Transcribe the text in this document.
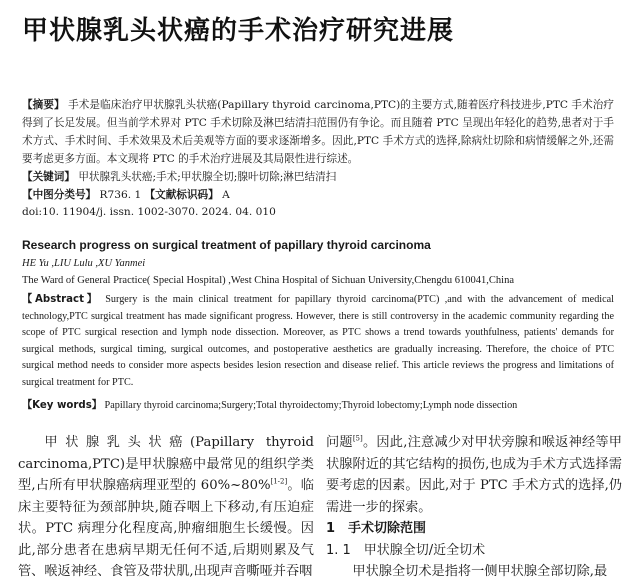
甲状腺乳头状癌的手术治疗研究进展
【摘要】 手术是临床治疗甲状腺乳头状癌(Papillary thyroid carcinoma,PTC)的主要方式,随着医疗科技进步,PTC 手术治疗得到了长足发展。但当前学术界对 PTC 手术切除及淋巴结清扫范围仍有争论。而且随着 PTC 呈现出年轻化的趋势,患者对于手术方式、手术时间、手术效果及术后美观等方面的要求逐渐增多。因此,PTC 手术方式的选择,除病灶切除和病情缓解之外,还需要考虑更多方面。本文现将 PTC 的手术治疗进展及其局限性进行综述。
【关键词】 甲状腺乳头状癌;手术;甲状腺全切;腺叶切除;淋巴结清扫
【中图分类号】 R736. 1 【文献标识码】 A
doi:10. 11904/j. issn. 1002-3070. 2024. 04. 010
Research progress on surgical treatment of papillary thyroid carcinoma
HE Yu ,LIU Lulu ,XU Yanmei
The Ward of General Practice( Special Hospital) ,West China Hospital of Sichuan University,Chengdu 610041,China
【Abstract】 Surgery is the main clinical treatment for papillary thyroid carcinoma(PTC) ,and with the advancement of medical technology,PTC surgical treatment has made significant progress. However, there is still controversy in the academic community regarding the scope of PTC surgical resection and lymph node dissection. Moreover, as PTC shows a trend towards youthfulness, patients' demands for surgical methods, surgical timing, surgical outcomes, and postoperative aesthetics are gradually increasing. Therefore, the choice of PTC surgical method needs to consider more aspects besides lesion resection and disease relief. This article reviews the progress and limitations of surgical treatment for PTC.
【Key words】 Papillary thyroid carcinoma;Surgery;Total thyroidectomy;Thyroid lobectomy;Lymph node dissection

甲状腺乳头状癌(Papillary thyroid carcinoma,PTC)是甲状腺癌中最常见的组织学类型,占所有甲状腺癌病理亚型的 60%~80%[1-2]。临床主要特征为颈部肿块,随吞咽上下移动,有压迫症状。PTC 病理分化程度高,肿瘤细胞生长缓慢。因此,部分患者在患病早期无任何不适,后期则累及气管、喉返神经、食管及带状肌,出现声音嘶哑并吞咽

问题[5]。因此,注意减少对甲状旁腺和喉返神经等甲状腺附近的其它结构的损伤,也成为手术方式选择需要考虑的因素。因此,对于 PTC 手术方式的选择,仍需进一步的探索。

1　手术切除范围

1. 1　甲状腺全切/近全切术

甲状腺全切术是指将一侧甲状腺全部切除,最
